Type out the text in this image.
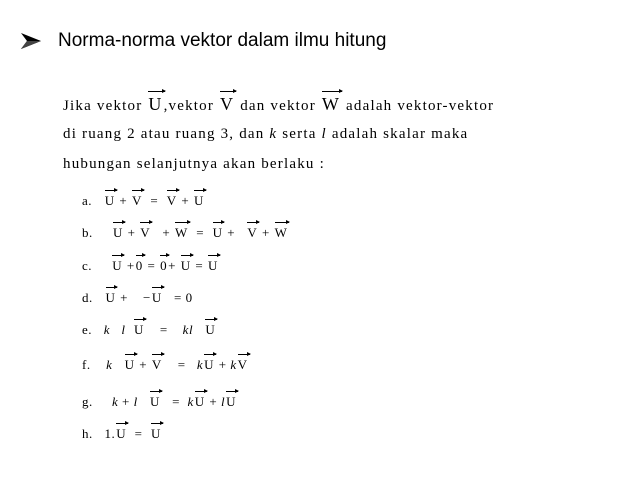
Norma-norma vektor dalam ilmu hitung
Jika vektor U,vektor V dan vektor W adalah vektor-vektor
di ruang 2 atau ruang 3, dan k serta l adalah skalar maka
hubungan selanjutnya akan berlaku :
a. U + V = V + U
b. U + V + W = U + V + W
c. U +0 = 0+ U = U
d. U + −U = 0
e. k l U = kl U
f. k U + V = kU + kV
g. k + l U = kU + lU
h. 1.U = U
